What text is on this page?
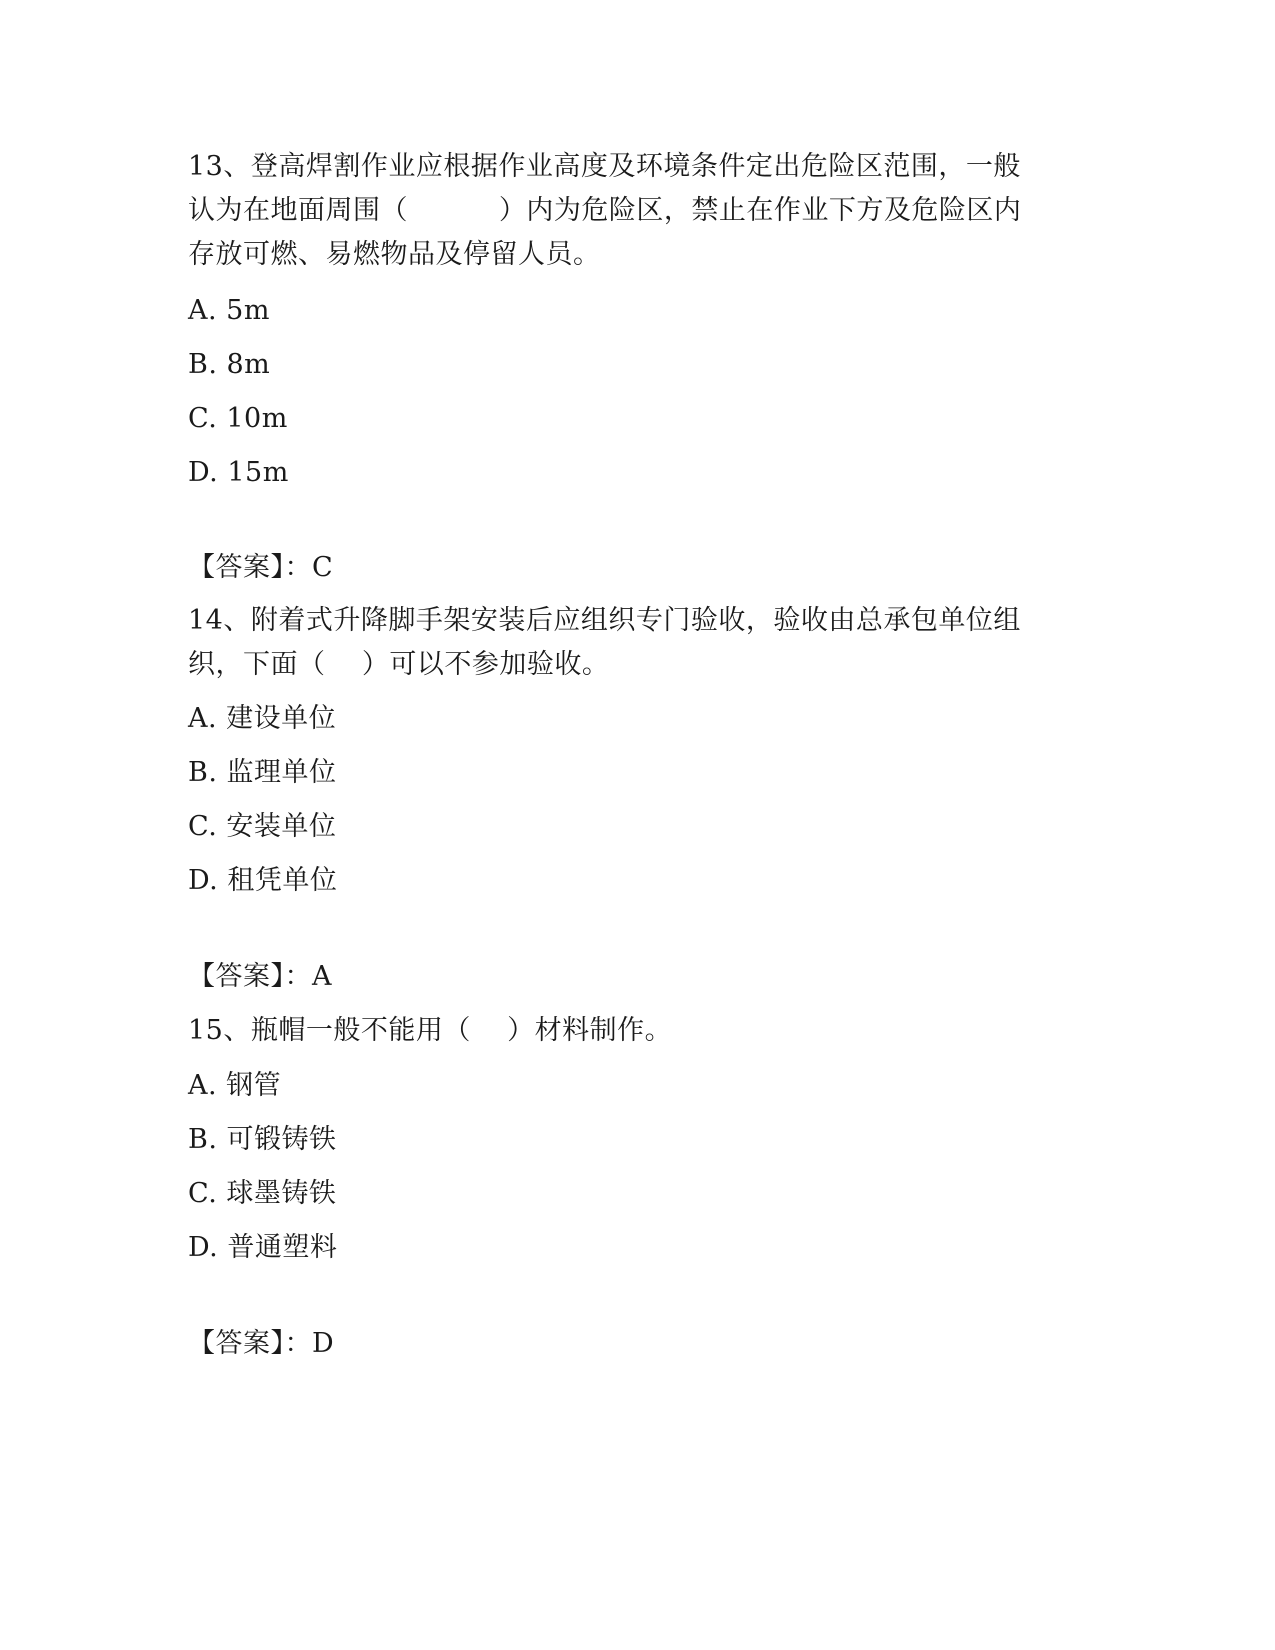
13、登高焊割作业应根据作业高度及环境条件定出危险区范围，一般
认为在地面周围（          ）内为危险区，禁止在作业下方及危险区内
存放可燃、易燃物品及停留人员。
A. 5m
B. 8m
C. 10m
D. 15m
【答案】：C
14、附着式升降脚手架安装后应组织专门验收，验收由总承包单位组
织，下面（    ）可以不参加验收。
A. 建设单位
B. 监理单位
C. 安装单位
D. 租凭单位
【答案】：A
15、瓶帽一般不能用（    ）材料制作。
A. 钢管
B. 可锻铸铁
C. 球墨铸铁
D. 普通塑料
【答案】：D
